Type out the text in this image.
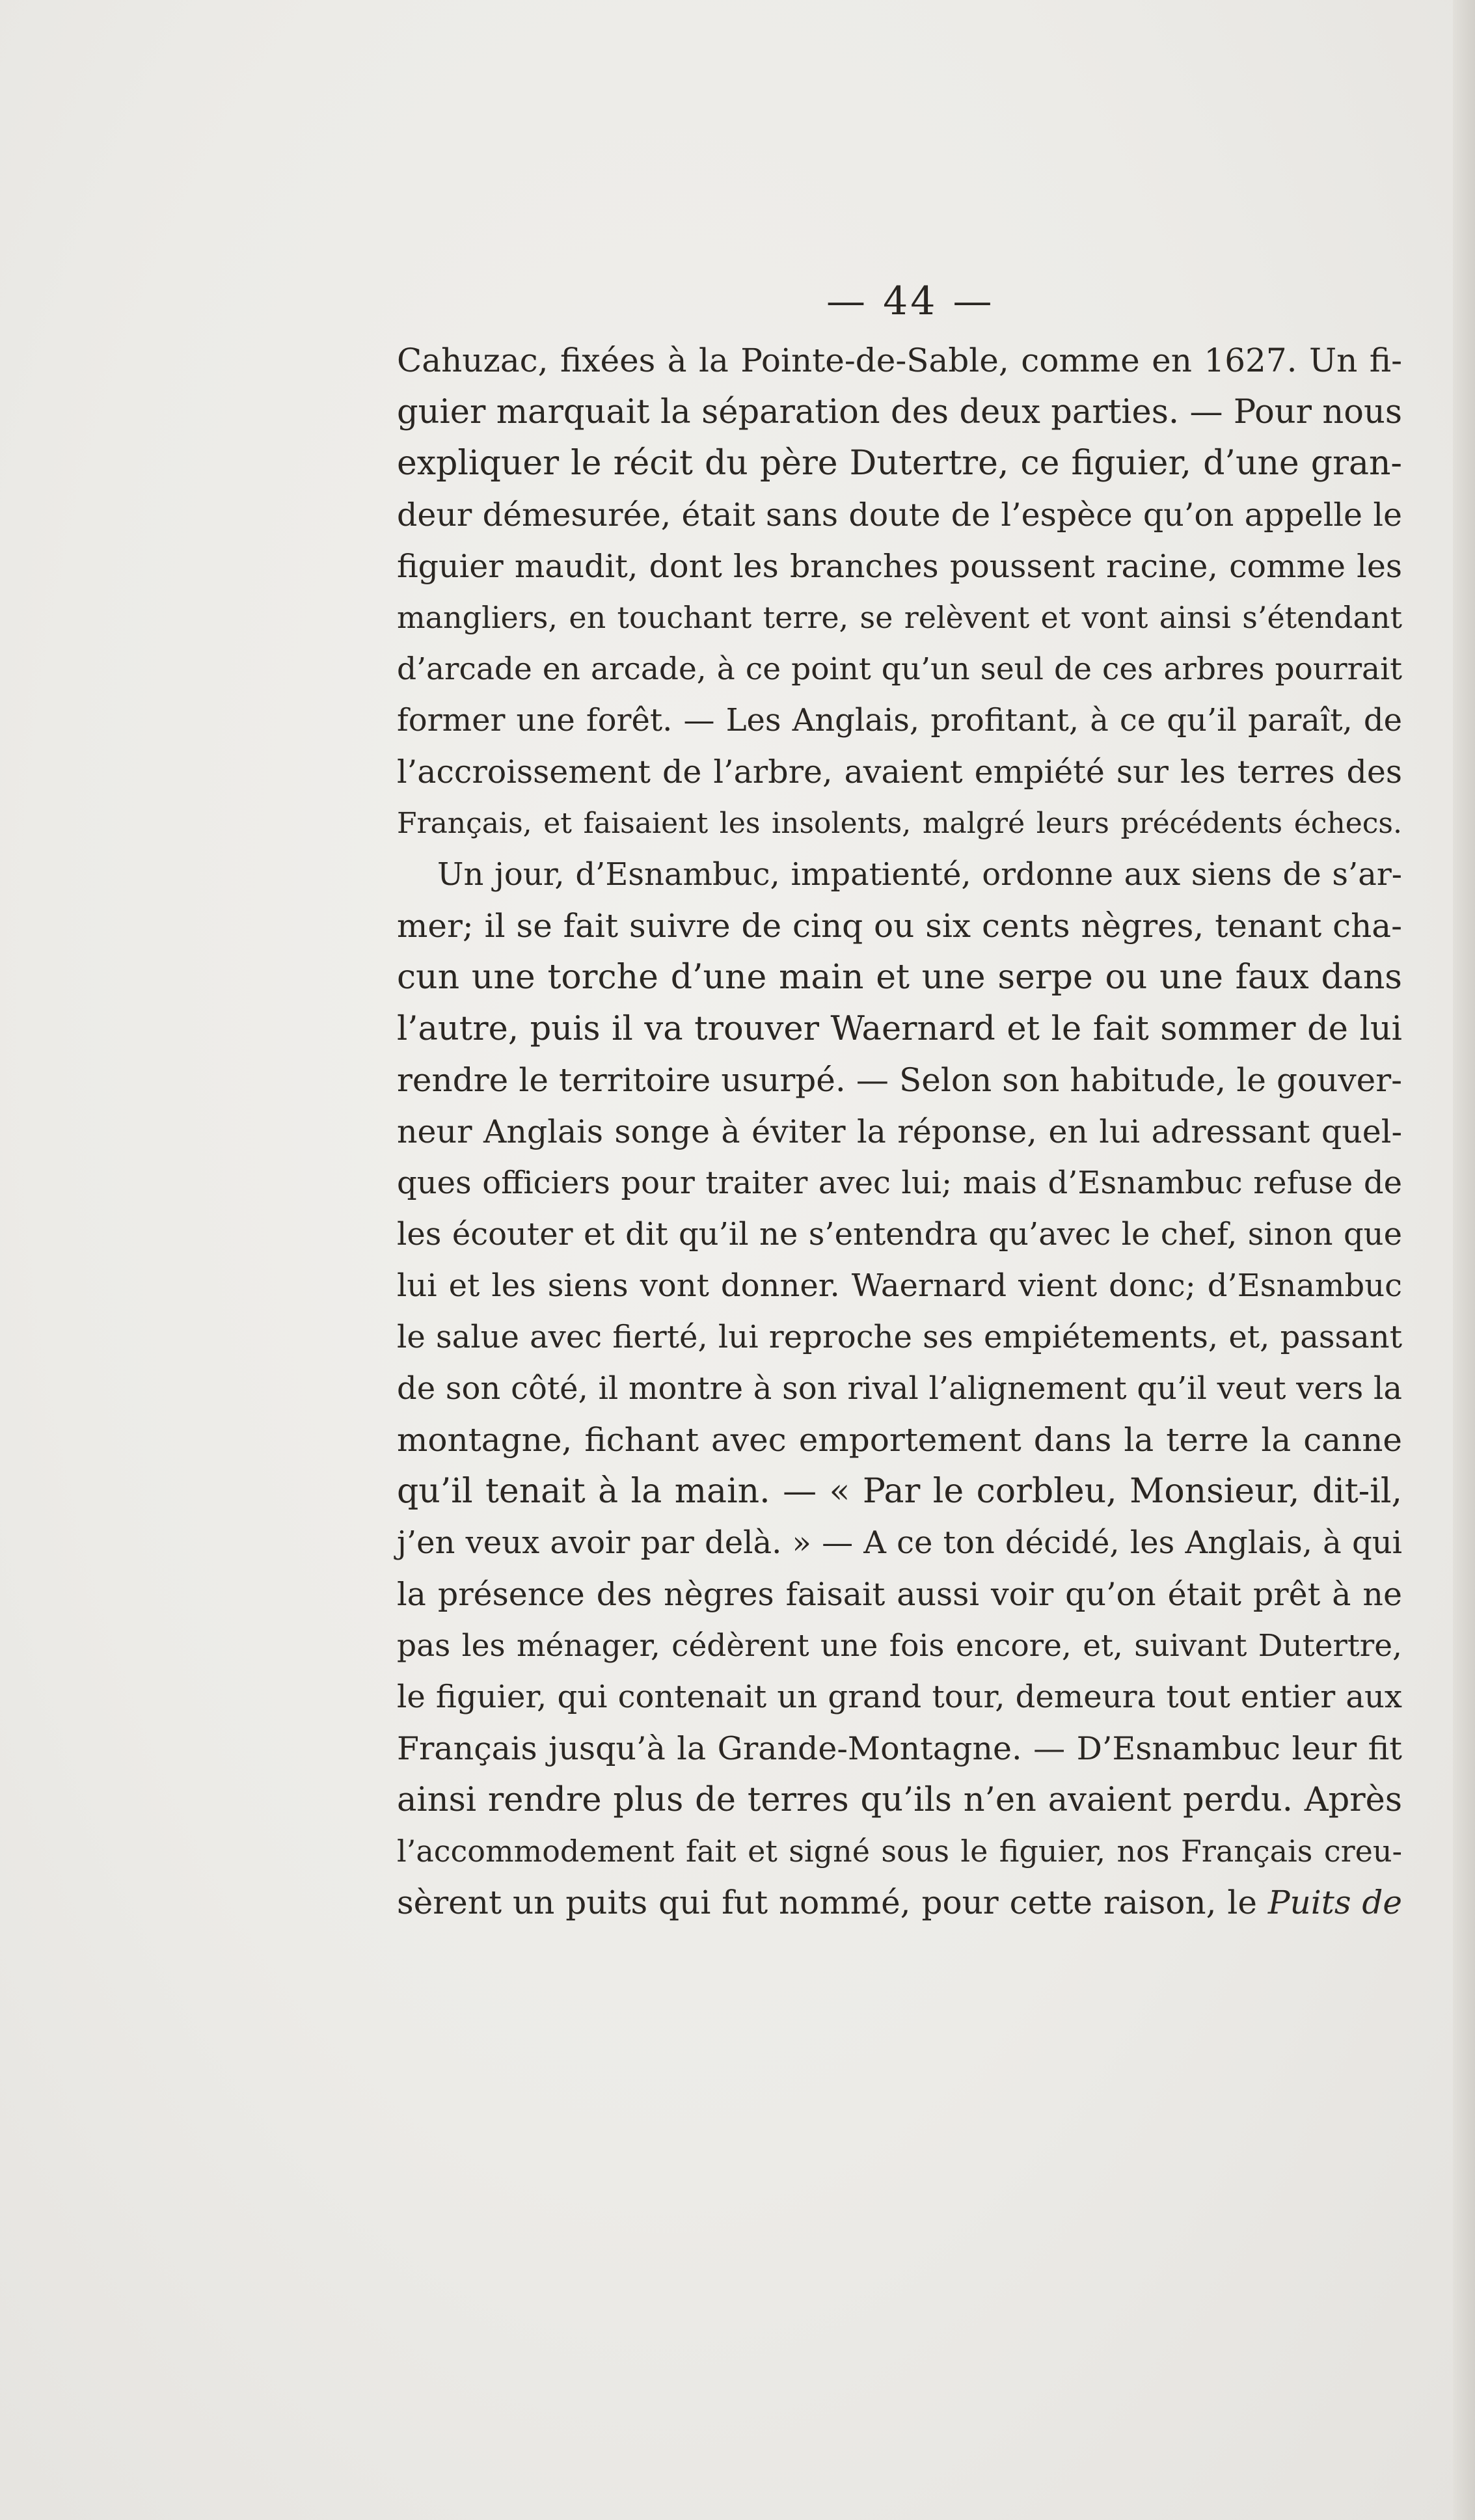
— 44 —
Cahuzac, fixées à la Pointe-de-Sable, comme en 1627. Un fi-
guier marquait la séparation des deux parties. — Pour nous
expliquer le récit du père Dutertre, ce figuier, d’une gran-
deur démesurée, était sans doute de l’espèce qu’on appelle le
figuier maudit, dont les branches poussent racine, comme les
mangliers, en touchant terre, se relèvent et vont ainsi s’étendant
d’arcade en arcade, à ce point qu’un seul de ces arbres pourrait
former une forêt. — Les Anglais, profitant, à ce qu’il paraît, de
l’accroissement de l’arbre, avaient empiété sur les terres des
Français, et faisaient les insolents, malgré leurs précédents échecs.
Un jour, d’Esnambuc, impatienté, ordonne aux siens de s’ar-
mer; il se fait suivre de cinq ou six cents nègres, tenant cha-
cun une torche d’une main et une serpe ou une faux dans
l’autre, puis il va trouver Waernard et le fait sommer de lui
rendre le territoire usurpé. — Selon son habitude, le gouver-
neur Anglais songe à éviter la réponse, en lui adressant quel-
ques officiers pour traiter avec lui; mais d’Esnambuc refuse de
les écouter et dit qu’il ne s’entendra qu’avec le chef, sinon que
lui et les siens vont donner. Waernard vient donc; d’Esnambuc
le salue avec fierté, lui reproche ses empiétements, et, passant
de son côté, il montre à son rival l’alignement qu’il veut vers la
montagne, fichant avec emportement dans la terre la canne
qu’il tenait à la main. — « Par le corbleu, Monsieur, dit-il,
j’en veux avoir par delà. » — A ce ton décidé, les Anglais, à qui
la présence des nègres faisait aussi voir qu’on était prêt à ne
pas les ménager, cédèrent une fois encore, et, suivant Dutertre,
le figuier, qui contenait un grand tour, demeura tout entier aux
Français jusqu’à la Grande-Montagne. — D’Esnambuc leur fit
ainsi rendre plus de terres qu’ils n’en avaient perdu. Après
l’accommodement fait et signé sous le figuier, nos Français creu-
sèrent un puits qui fut nommé, pour cette raison, le Puits de
